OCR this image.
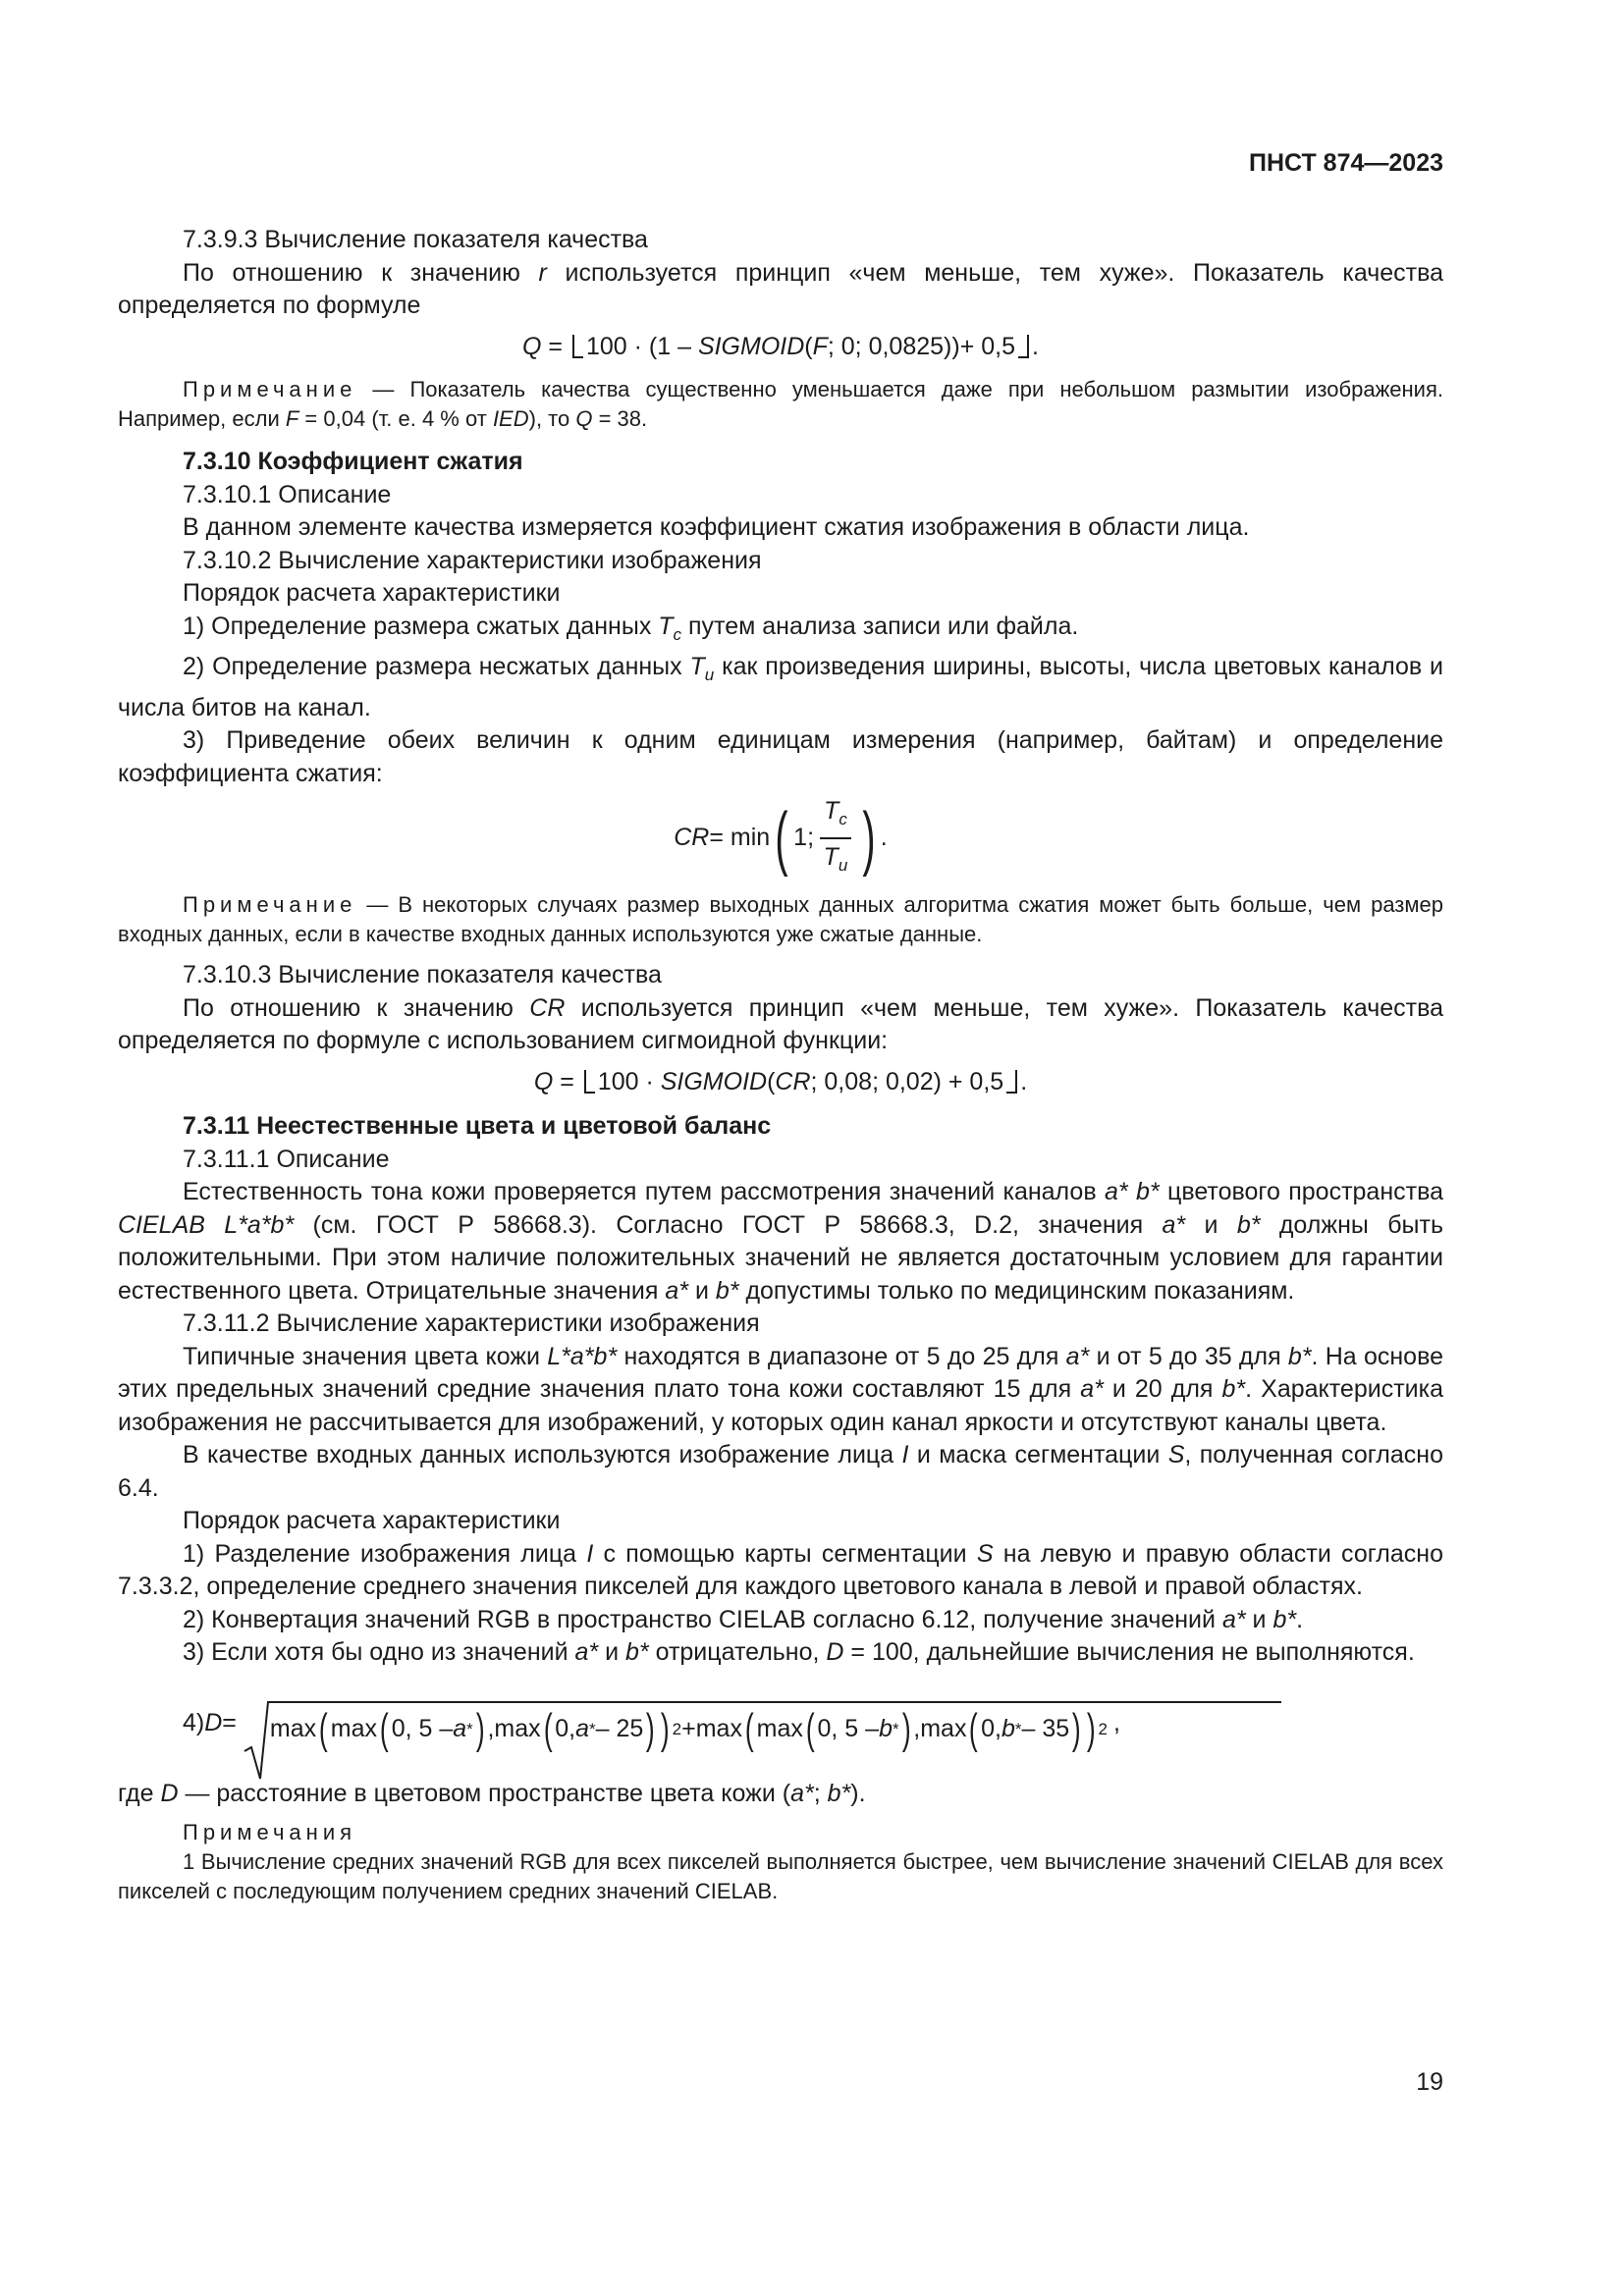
ПНСТ 874—2023

7.3.9.3 Вычисление показателя качества

По отношению к значению r используется принцип «чем меньше, тем хуже». Показатель качества определяется по формуле

Q = 100 · (1 – SIGMOID(F; 0; 0,0825))+ 0,5 .

Примечание — Показатель качества существенно уменьшается даже при небольшом размытии изображения. Например, если F = 0,04 (т. е. 4 % от IED), то Q = 38.

7.3.10 Коэффициент сжатия

7.3.10.1 Описание

В данном элементе качества измеряется коэффициент сжатия изображения в области лица.

7.3.10.2 Вычисление характеристики изображения

Порядок расчета характеристики

1) Определение размера сжатых данных $T_c$ путем анализа записи или файла.

2) Определение размера несжатых данных $T_u$ как произведения ширины, высоты, числа цветовых каналов и числа битов на канал.

3) Приведение обеих величин к одним единицам измерения (например, байтам) и определение коэффициента сжатия:

CR = min ( 1; $\frac{T_c}{T_u}$ ) .

Примечание — В некоторых случаях размер выходных данных алгоритма сжатия может быть больше, чем размер входных данных, если в качестве входных данных используются уже сжатые данные.

7.3.10.3 Вычисление показателя качества

По отношению к значению CR используется принцип «чем меньше, тем хуже». Показатель качества определяется по формуле с использованием сигмоидной функции:

Q = 100 · SIGMOID(CR; 0,08; 0,02) + 0,5 .

7.3.11 Неестественные цвета и цветовой баланс

7.3.11.1 Описание

Естественность тона кожи проверяется путем рассмотрения значений каналов a* b* цветового пространства CIELAB L*a*b* (см. ГОСТ Р 58668.3). Согласно ГОСТ Р 58668.3, D.2, значения a* и b* должны быть положительными. При этом наличие положительных значений не является достаточным условием для гарантии естественного цвета. Отрицательные значения a* и b* допустимы только по медицинским показаниям.

7.3.11.2 Вычисление характеристики изображения

Типичные значения цвета кожи L*a*b* находятся в диапазоне от 5 до 25 для a* и от 5 до 35 для b*. На основе этих предельных значений средние значения плато тона кожи составляют 15 для a* и 20 для b*. Характеристика изображения не рассчитывается для изображений, у которых один канал яркости и отсутствуют каналы цвета.

В качестве входных данных используются изображение лица I и маска сегментации S, полученная согласно 6.4.

Порядок расчета характеристики

1) Разделение изображения лица I с помощью карты сегментации S на левую и правую области согласно 7.3.3.2, определение среднего значения пикселей для каждого цветового канала в левой и правой областях.

2) Конвертация значений RGB в пространство CIELAB согласно 6.12, получение значений a* и b*.

3) Если хотя бы одно из значений a* и b* отрицательно, D = 100, дальнейшие вычисления не выполняются.

4) D = max ( max ( 0, 5 – a * ) , max ( 0, a * – 25 ) ) 2 + max ( max ( 0, 5 – b * ) , max ( 0, b * – 35 ) ) 2 ,

где D — расстояние в цветовом пространстве цвета кожи (a*; b*).

Примечания

1 Вычисление средних значений RGB для всех пикселей выполняется быстрее, чем вычисление значений CIELAB для всех пикселей с последующим получением средних значений CIELAB.

19
